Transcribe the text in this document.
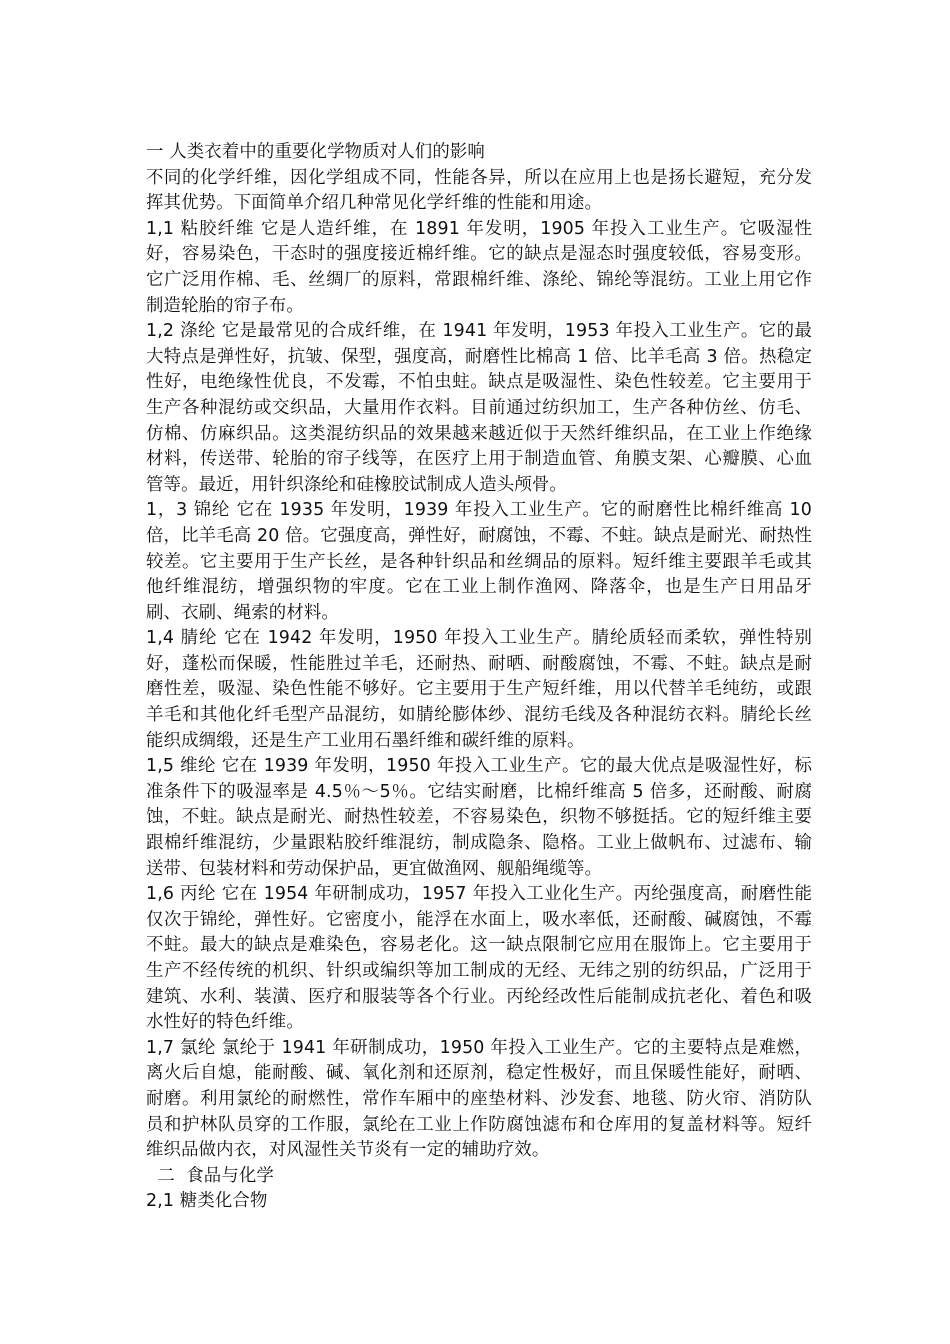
一 人类衣着中的重要化学物质对人们的影响

不同的化学纤维，因化学组成不同，性能各异，所以在应用上也是扬长避短，充分发挥其优势。下面简单介绍几种常见化学纤维的性能和用途。

1,1 粘胶纤维 它是人造纤维，在 1891 年发明，1905 年投入工业生产。它吸湿性好，容易染色，干态时的强度接近棉纤维。它的缺点是湿态时强度较低，容易变形。它广泛用作棉、毛、丝绸厂的原料，常跟棉纤维、涤纶、锦纶等混纺。工业上用它作制造轮胎的帘子布。

1,2 涤纶 它是最常见的合成纤维，在 1941 年发明，1953 年投入工业生产。它的最大特点是弹性好，抗皱、保型，强度高，耐磨性比棉高 1 倍、比羊毛高 3 倍。热稳定性好，电绝缘性优良，不发霉，不怕虫蛀。缺点是吸湿性、染色性较差。它主要用于生产各种混纺或交织品，大量用作衣料。目前通过纺织加工，生产各种仿丝、仿毛、仿棉、仿麻织品。这类混纺织品的效果越来越近似于天然纤维织品，在工业上作绝缘材料，传送带、轮胎的帘子线等，在医疗上用于制造血管、角膜支架、心瓣膜、心血管等。最近，用针织涤纶和硅橡胶试制成人造头颅骨。

1，3 锦纶 它在 1935 年发明，1939 年投入工业生产。它的耐磨性比棉纤维高 10 倍，比羊毛高 20 倍。它强度高，弹性好，耐腐蚀，不霉、不蛀。缺点是耐光、耐热性较差。它主要用于生产长丝，是各种针织品和丝绸品的原料。短纤维主要跟羊毛或其他纤维混纺，增强织物的牢度。它在工业上制作渔网、降落伞，也是生产日用品牙刷、衣刷、绳索的材料。

1,4 腈纶 它在 1942 年发明，1950 年投入工业生产。腈纶质轻而柔软，弹性特别好，蓬松而保暖，性能胜过羊毛，还耐热、耐晒、耐酸腐蚀，不霉、不蛀。缺点是耐磨性差，吸湿、染色性能不够好。它主要用于生产短纤维，用以代替羊毛纯纺，或跟羊毛和其他化纤毛型产品混纺，如腈纶膨体纱、混纺毛线及各种混纺衣料。腈纶长丝能织成绸缎，还是生产工业用石墨纤维和碳纤维的原料。

1,5 维纶 它在 1939 年发明，1950 年投入工业生产。它的最大优点是吸湿性好，标准条件下的吸湿率是 4.5％～5％。它结实耐磨，比棉纤维高 5 倍多，还耐酸、耐腐蚀，不蛀。缺点是耐光、耐热性较差，不容易染色，织物不够挺括。它的短纤维主要跟棉纤维混纺，少量跟粘胶纤维混纺，制成隐条、隐格。工业上做帆布、过滤布、输送带、包装材料和劳动保护品，更宜做渔网、舰船绳缆等。

1,6 丙纶 它在 1954 年研制成功，1957 年投入工业化生产。丙纶强度高，耐磨性能仅次于锦纶，弹性好。它密度小，能浮在水面上，吸水率低，还耐酸、碱腐蚀，不霉不蛀。最大的缺点是难染色，容易老化。这一缺点限制它应用在服饰上。它主要用于生产不经传统的机织、针织或编织等加工制成的无经、无纬之别的纺织品，广泛用于建筑、水利、装潢、医疗和服装等各个行业。丙纶经改性后能制成抗老化、着色和吸水性好的特色纤维。

1,7 氯纶 氯纶于 1941 年研制成功，1950 年投入工业生产。它的主要特点是难燃，离火后自熄，能耐酸、碱、氧化剂和还原剂，稳定性极好，而且保暖性能好，耐晒、耐磨。利用氯纶的耐燃性，常作车厢中的座垫材料、沙发套、地毯、防火帘、消防队员和护林队员穿的工作服，氯纶在工业上作防腐蚀滤布和仓库用的复盖材料等。短纤维织品做内衣，对风湿性关节炎有一定的辅助疗效。

二  食品与化学

2,1 糖类化合物
